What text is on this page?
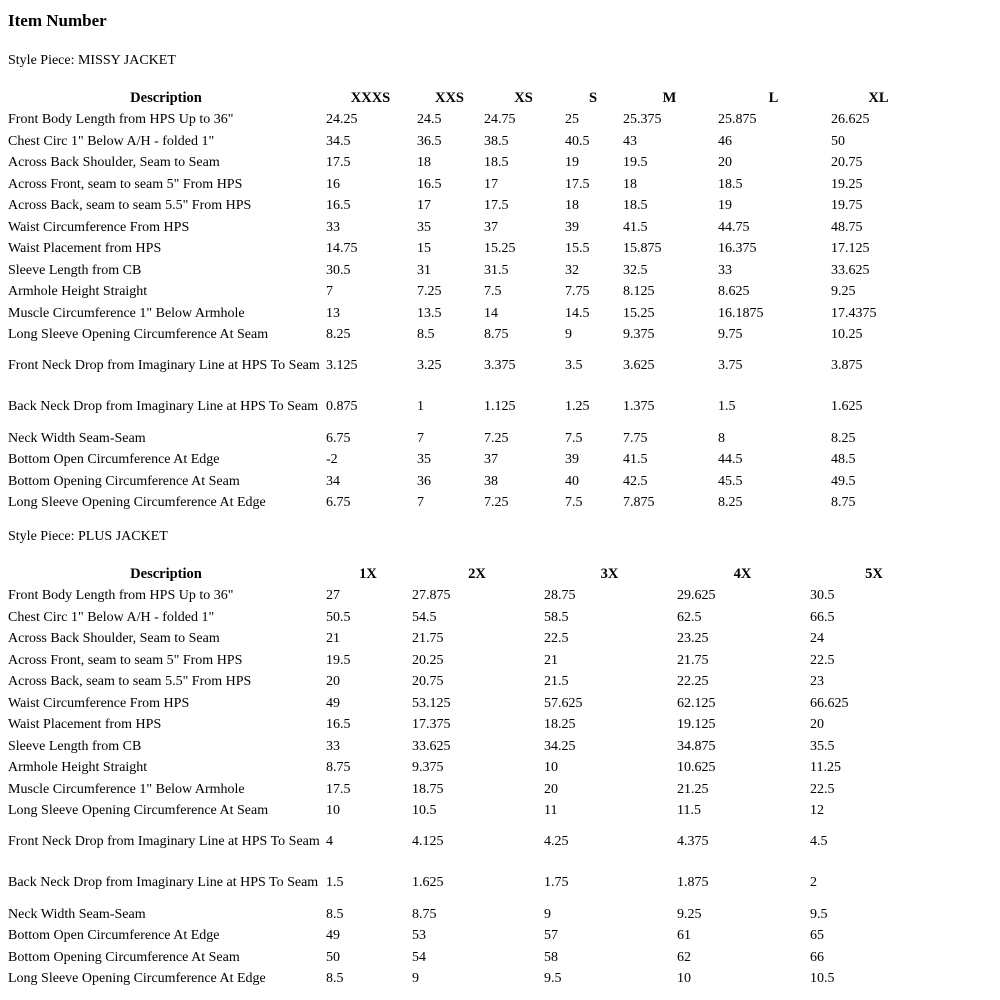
Item Number
Style Piece: MISSY JACKET
Description	XXXS	XXS	XS	S	M	L	XL
Front Body Length from HPS Up to 36"	24.25	24.5	24.75	25	25.375	25.875	26.625
Chest Circ 1" Below A/H - folded 1"	34.5	36.5	38.5	40.5	43	46	50
Across Back Shoulder, Seam to Seam	17.5	18	18.5	19	19.5	20	20.75
Across Front, seam to seam 5" From HPS	16	16.5	17	17.5	18	18.5	19.25
Across Back, seam to seam 5.5" From HPS	16.5	17	17.5	18	18.5	19	19.75
Waist Circumference From HPS	33	35	37	39	41.5	44.75	48.75
Waist Placement from HPS	14.75	15	15.25	15.5	15.875	16.375	17.125
Sleeve Length from CB	30.5	31	31.5	32	32.5	33	33.625
Armhole Height Straight	7	7.25	7.5	7.75	8.125	8.625	9.25
Muscle Circumference 1" Below Armhole	13	13.5	14	14.5	15.25	16.1875	17.4375
Long Sleeve Opening Circumference At Seam	8.25	8.5	8.75	9	9.375	9.75	10.25
Front Neck Drop from Imaginary Line at HPS To Seam	3.125	3.25	3.375	3.5	3.625	3.75	3.875
Back Neck Drop from Imaginary Line at HPS To Seam	0.875	1	1.125	1.25	1.375	1.5	1.625
Neck Width Seam-Seam	6.75	7	7.25	7.5	7.75	8	8.25
Bottom Open Circumference At Edge	-2	35	37	39	41.5	44.5	48.5
Bottom Opening Circumference At Seam	34	36	38	40	42.5	45.5	49.5
Long Sleeve Opening Circumference At Edge	6.75	7	7.25	7.5	7.875	8.25	8.75
Style Piece: PLUS JACKET
Description	1X	2X	3X	4X	5X
Front Body Length from HPS Up to 36"	27	27.875	28.75	29.625	30.5
Chest Circ 1" Below A/H - folded 1"	50.5	54.5	58.5	62.5	66.5
Across Back Shoulder, Seam to Seam	21	21.75	22.5	23.25	24
Across Front, seam to seam 5" From HPS	19.5	20.25	21	21.75	22.5
Across Back, seam to seam 5.5" From HPS	20	20.75	21.5	22.25	23
Waist Circumference From HPS	49	53.125	57.625	62.125	66.625
Waist Placement from HPS	16.5	17.375	18.25	19.125	20
Sleeve Length from CB	33	33.625	34.25	34.875	35.5
Armhole Height Straight	8.75	9.375	10	10.625	11.25
Muscle Circumference 1" Below Armhole	17.5	18.75	20	21.25	22.5
Long Sleeve Opening Circumference At Seam	10	10.5	11	11.5	12
Front Neck Drop from Imaginary Line at HPS To Seam	4	4.125	4.25	4.375	4.5
Back Neck Drop from Imaginary Line at HPS To Seam	1.5	1.625	1.75	1.875	2
Neck Width Seam-Seam	8.5	8.75	9	9.25	9.5
Bottom Open Circumference At Edge	49	53	57	61	65
Bottom Opening Circumference At Seam	50	54	58	62	66
Long Sleeve Opening Circumference At Edge	8.5	9	9.5	10	10.5
